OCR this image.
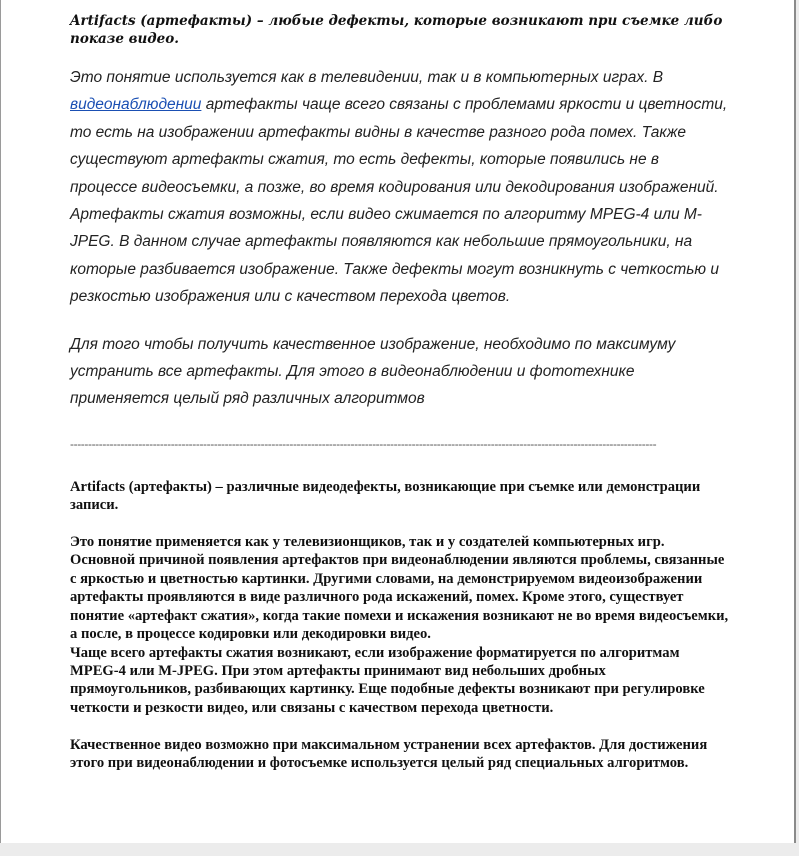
Artifacts (артефакты) – любые дефекты, которые возникают при съемке либо показе видео.

Это понятие используется как в телевидении, так и в компьютерных играх. В видеонаблюдении артефакты чаще всего связаны с проблемами яркости и цветности, то есть на изображении артефакты видны в качестве разного рода помех. Также существуют артефакты сжатия, то есть дефекты, которые появились не в процессе видеосъемки, а позже, во время кодирования или декодирования изображений. Артефакты сжатия возможны, если видео сжимается по алгоритму MPEG-4 или M-JPEG. В данном случае артефакты появляются как небольшие прямоугольники, на которые разбивается изображение. Также дефекты могут возникнуть с четкостью и резкостью изображения или с качеством перехода цветов.

Для того чтобы получить качественное изображение, необходимо по максимуму устранить все артефакты. Для этого в видеонаблюдении и фототехнике применяется целый ряд различных алгоритмов

-------------------------------------------------------------------------------------------------------------------------------------------------------------------

Artifacts (артефакты) – различные видеодефекты, возникающие при съемке или демонстрации записи.

Это понятие применяется как у телевизионщиков, так и у создателей компьютерных игр. Основной причиной появления артефактов при видеонаблюдении являются проблемы, связанные с яркостью и цветностью картинки. Другими словами, на демонстрируемом видеоизображении артефакты проявляются в виде различного рода искажений, помех. Кроме этого, существует понятие «артефакт сжатия», когда такие помехи и искажения возникают не во время видеосъемки, а после, в процессе кодировки или декодировки видео.

Чаще всего артефакты сжатия возникают, если изображение форматируется по алгоритмам MPEG-4 или M-JPEG. При этом артефакты принимают вид небольших дробных прямоугольников, разбивающих картинку. Еще подобные дефекты возникают при регулировке четкости и резкости видео, или связаны с качеством перехода цветности.

Качественное видео возможно при максимальном устранении всех артефактов. Для достижения этого при видеонаблюдении и фотосъемке используется целый ряд специальных алгоритмов.
